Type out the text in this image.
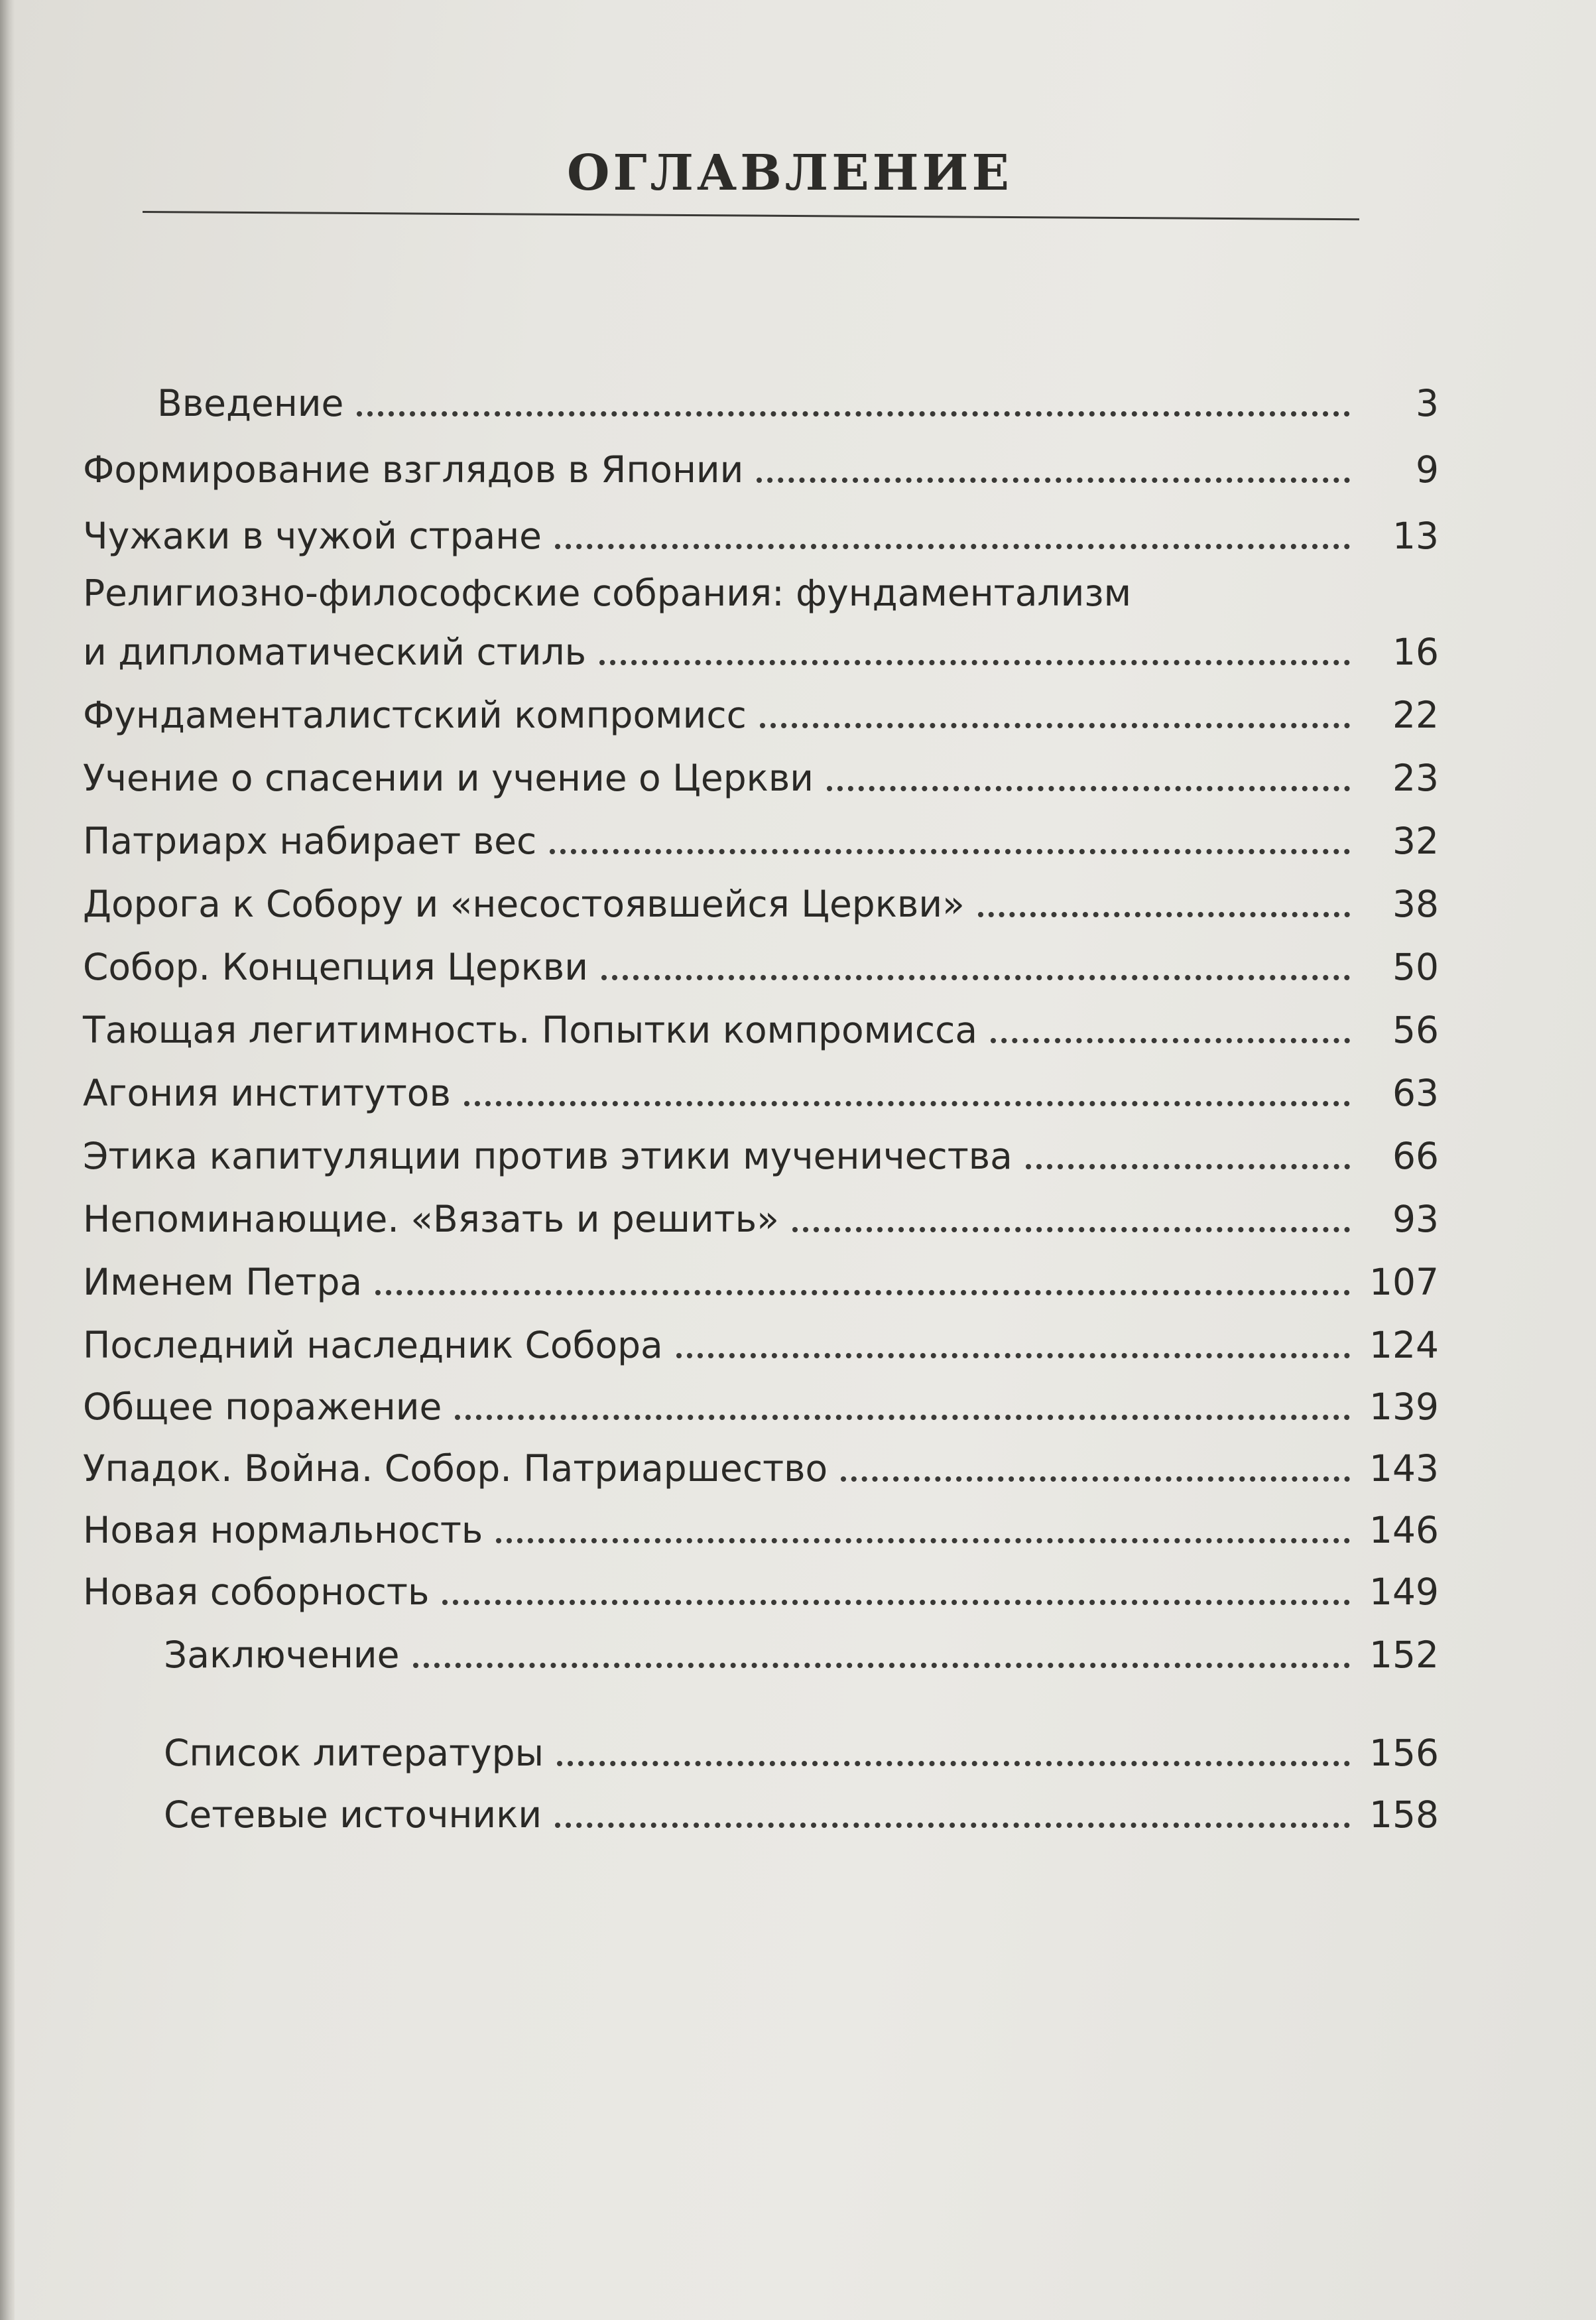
ОГЛАВЛЕНИЕ
Введение	3
Формирование взглядов в Японии	9
Чужаки в чужой стране	13
Религиозно-философские собрания: фундаментализм
и дипломатический стиль	16
Фундаменталистский компромисс	22
Учение о спасении и учение о Церкви	23
Патриарх набирает вес	32
Дорога к Собору и «несостоявшейся Церкви»	38
Собор. Концепция Церкви	50
Тающая легитимность. Попытки компромисса	56
Агония институтов	63
Этика капитуляции против этики мученичества	66
Непоминающие. «Вязать и решить»	93
Именем Петра	107
Последний наследник Собора	124
Общее поражение	139
Упадок. Война. Собор. Патриаршество	143
Новая нормальность	146
Новая соборность	149
Заключение	152
Список литературы	156
Сетевые источники	158
